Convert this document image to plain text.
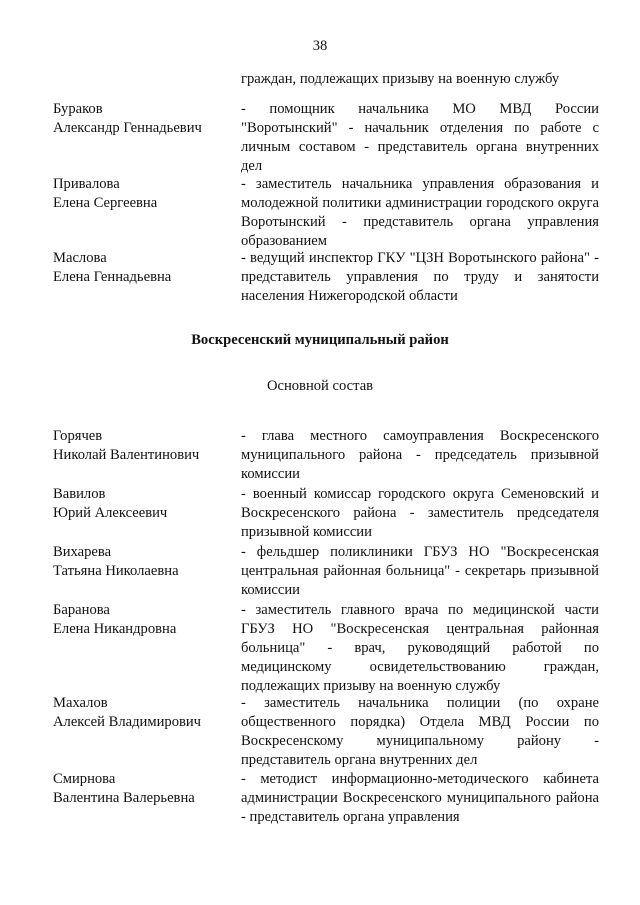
38
граждан, подлежащих призыву на военную службу
Бураков
Александр Геннадьевич
- помощник начальника МО МВД России "Воротынский" - начальник отделения по работе с личным составом - представитель органа внутренних дел
Привалова
Елена Сергеевна
- заместитель начальника управления образования и молодежной политики администрации городского округа Воротынский - представитель органа управления образованием
Маслова
Елена Геннадьевна
- ведущий инспектор ГКУ "ЦЗН Воротынского района" - представитель управления по труду и занятости населения Нижегородской области
Воскресенский муниципальный район
Основной состав
Горячев
Николай Валентинович
- глава местного самоуправления Воскресенского муниципального района - председатель призывной комиссии
Вавилов
Юрий Алексеевич
- военный комиссар городского округа Семеновский и Воскресенского района - заместитель председателя призывной комиссии
Вихарева
Татьяна Николаевна
- фельдшер поликлиники ГБУЗ НО "Воскресенская центральная районная больница" - секретарь призывной комиссии
Баранова
Елена Никандровна
- заместитель главного врача по медицинской части ГБУЗ НО "Воскресенская центральная районная больница" - врач, руководящий работой по медицинскому освидетельствованию граждан, подлежащих призыву на военную службу
Махалов
Алексей Владимирович
- заместитель начальника полиции (по охране общественного порядка) Отдела МВД России по Воскресенскому муниципальному району - представитель органа внутренних дел
Смирнова
Валентина Валерьевна
- методист информационно-методического кабинета администрации Воскресенского муниципального района - представитель органа управления
